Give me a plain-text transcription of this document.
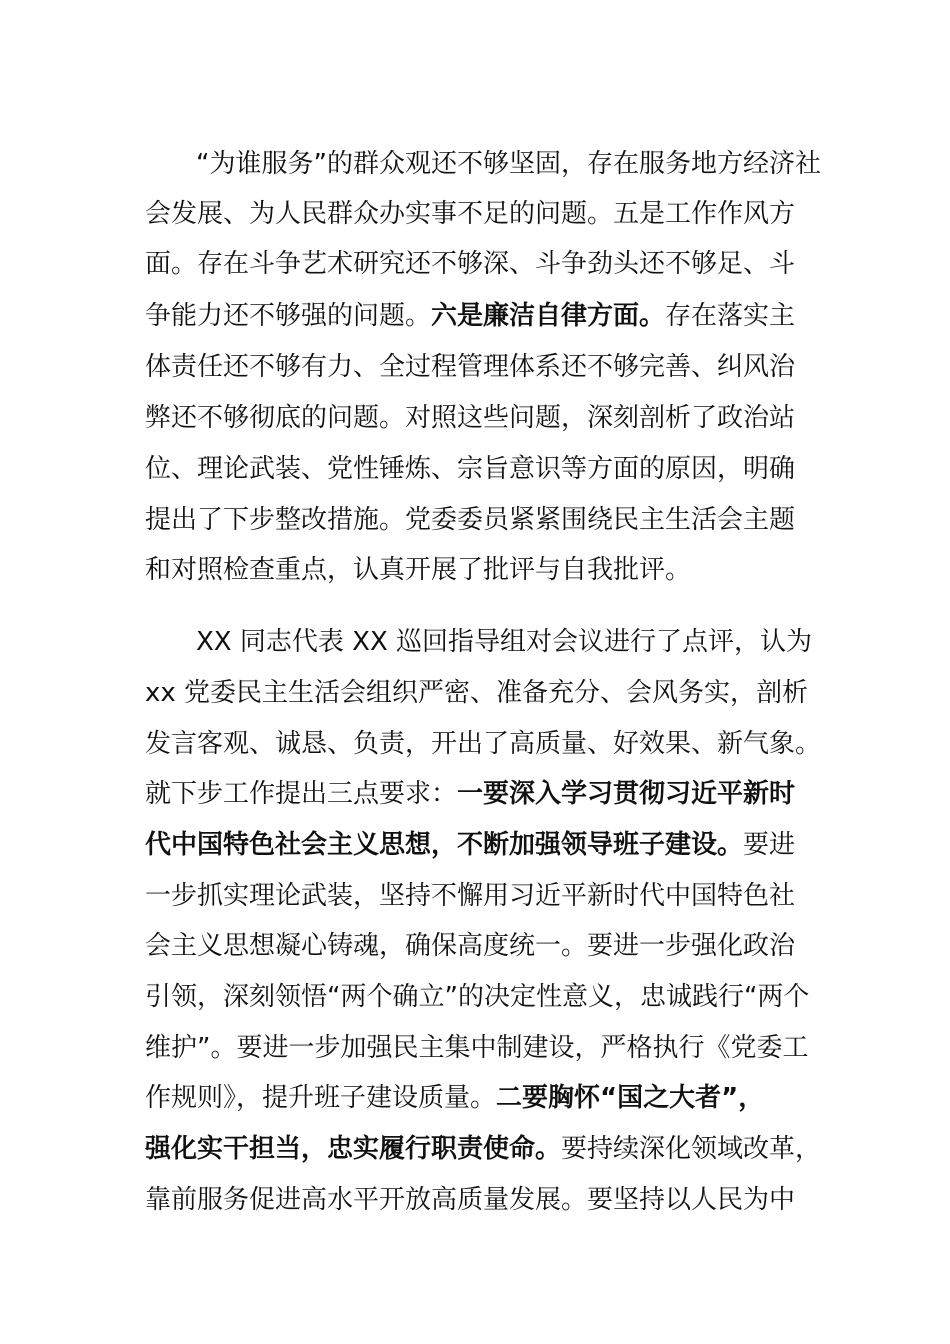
“为谁服务”的群众观还不够坚固，存在服务地方经济社
会发展、为人民群众办实事不足的问题。五是工作作风方
面。存在斗争艺术研究还不够深、斗争劲头还不够足、斗
争能力还不够强的问题。六是廉洁自律方面。存在落实主
体责任还不够有力、全过程管理体系还不够完善、纠风治
弊还不够彻底的问题。对照这些问题，深刻剖析了政治站
位、理论武装、党性锤炼、宗旨意识等方面的原因，明确
提出了下步整改措施。党委委员紧紧围绕民主生活会主题
和对照检查重点，认真开展了批评与自我批评。
XX 同志代表 XX 巡回指导组对会议进行了点评，认为
xx 党委民主生活会组织严密、准备充分、会风务实，剖析
发言客观、诚恳、负责，开出了高质量、好效果、新气象。
就下步工作提出三点要求：一要深入学习贯彻习近平新时
代中国特色社会主义思想，不断加强领导班子建设。要进
一步抓实理论武装，坚持不懈用习近平新时代中国特色社
会主义思想凝心铸魂，确保高度统一。要进一步强化政治
引领，深刻领悟“两个确立”的决定性意义，忠诚践行“两个
维护”。要进一步加强民主集中制建设，严格执行《党委工
作规则》，提升班子建设质量。二要胸怀“国之大者”，
强化实干担当，忠实履行职责使命。要持续深化领域改革，
靠前服务促进高水平开放高质量发展。要坚持以人民为中
